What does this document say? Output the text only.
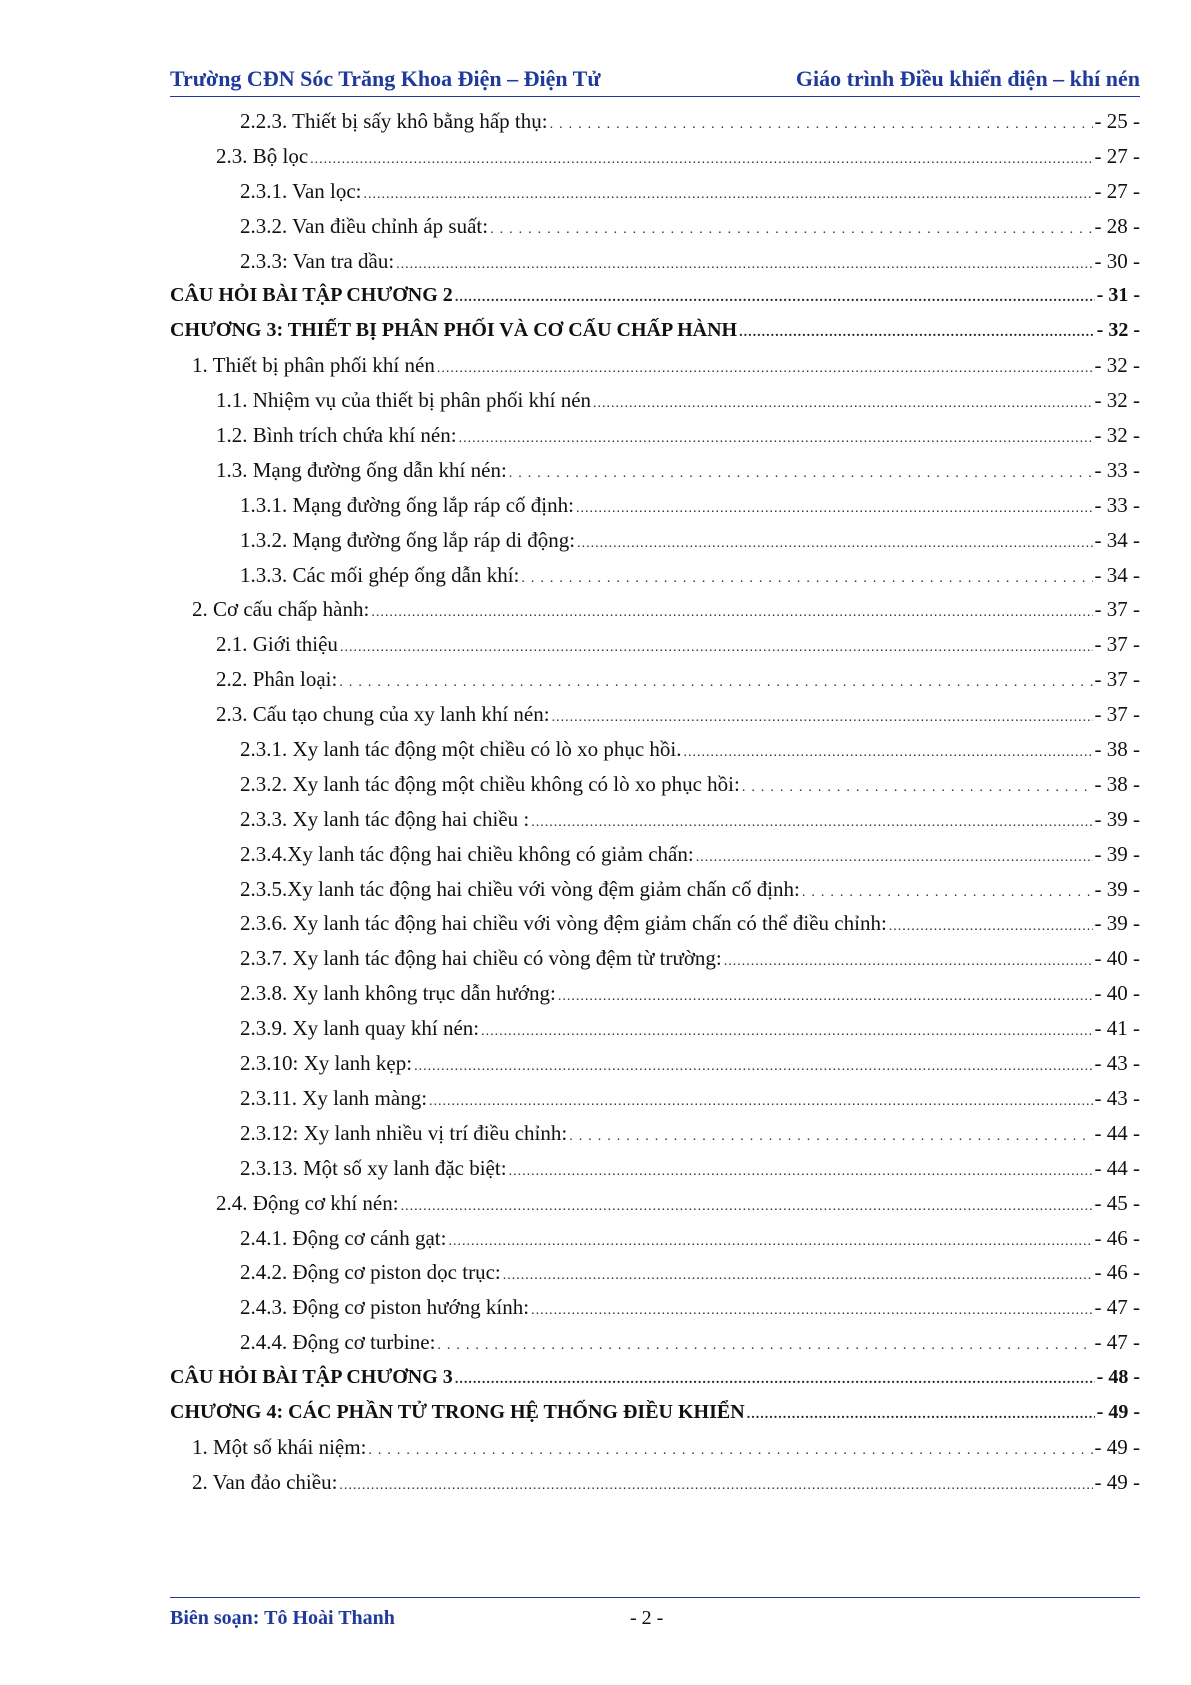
Trường CĐN Sóc Trăng Khoa Điện – Điện Tử	Giáo trình Điều khiển điện – khí nén
2.2.3. Thiết bị sấy khô bằng hấp thụ: .....	- 25 -
2.3. Bộ lọc .....	- 27 -
2.3.1. Van lọc: .....	- 27 -
2.3.2. Van điều chỉnh áp suất: .....	- 28 -
2.3.3: Van tra dầu: .....	- 30 -
CÂU HỎI BÀI TẬP CHƯƠNG 2 .....	- 31 -
CHƯƠNG 3: THIẾT BỊ PHÂN PHỐI VÀ CƠ CẤU CHẤP HÀNH .....	- 32 -
1. Thiết bị phân phối khí nén .....	- 32 -
1.1. Nhiệm vụ của thiết bị phân phối khí nén .....	- 32 -
1.2. Bình trích chứa khí nén: .....	- 32 -
1.3. Mạng đường ống dẫn khí nén: .....	- 33 -
1.3.1. Mạng đường ống lắp ráp cố định: .....	- 33 -
1.3.2. Mạng đường ống lắp ráp di động: .....	- 34 -
1.3.3. Các mối ghép ống dẫn khí: .....	- 34 -
2. Cơ cấu chấp hành: .....	- 37 -
2.1. Giới thiệu .....	- 37 -
2.2. Phân loại: .....	- 37 -
2.3. Cấu tạo chung của xy lanh khí nén: .....	- 37 -
2.3.1. Xy lanh tác động một chiều có lò xo phục hồi. .....	- 38 -
2.3.2. Xy lanh tác động một chiều không có lò xo phục hồi: .....	- 38 -
2.3.3. Xy lanh tác động hai chiều : .....	- 39 -
2.3.4.Xy lanh tác động hai chiều không có giảm chấn: .....	- 39 -
2.3.5.Xy lanh tác động hai chiều với vòng đệm giảm chấn cố định: .....	- 39 -
2.3.6. Xy lanh tác động hai chiều với vòng đệm giảm chấn có thể điều chỉnh: .....	- 39 -
2.3.7. Xy lanh tác động hai chiều có vòng đệm từ trường: .....	- 40 -
2.3.8. Xy lanh không trục dẫn hướng: .....	- 40 -
2.3.9. Xy lanh quay khí nén: .....	- 41 -
2.3.10: Xy lanh kẹp: .....	- 43 -
2.3.11. Xy lanh màng: .....	- 43 -
2.3.12: Xy lanh nhiều vị trí điều chỉnh: .....	- 44 -
2.3.13. Một số xy lanh đặc biệt: .....	- 44 -
2.4. Động cơ khí nén: .....	- 45 -
2.4.1. Động cơ cánh gạt: .....	- 46 -
2.4.2. Động cơ piston dọc trục: .....	- 46 -
2.4.3. Động cơ piston hướng kính: .....	- 47 -
2.4.4. Động cơ turbine: .....	- 47 -
CÂU HỎI BÀI TẬP CHƯƠNG 3 .....	- 48 -
CHƯƠNG 4: CÁC PHẦN TỬ TRONG HỆ THỐNG ĐIỀU KHIỂN .....	- 49 -
1. Một số khái niệm: .....	- 49 -
2. Van đảo chiều: .....	- 49 -
Biên soạn: Tô Hoài Thanh	- 2 -
